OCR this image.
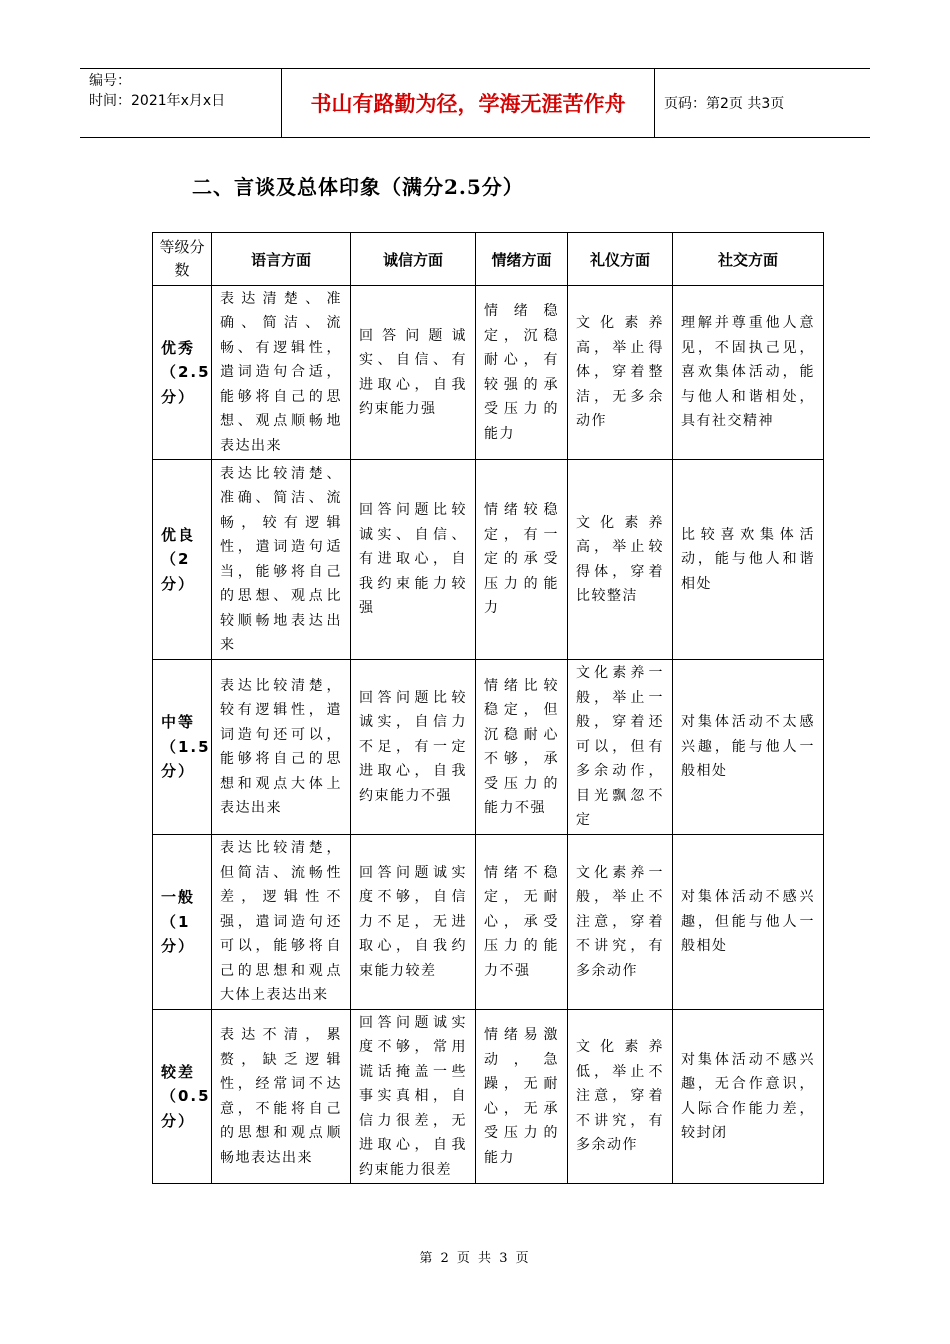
编号：
时间：2021年x月x日	书山有路勤为径，学海无涯苦作舟	页码：第2页 共3页
二、言谈及总体印象（满分2.5分）
等级分数	语言方面	诚信方面	情绪方面	礼仪方面	社交方面
优秀（2.5分）	表达清楚、准确、简洁、流畅、有逻辑性，遣词造句合适，能够将自己的思想、观点顺畅地表达出来	回答问题诚实、自信、有进取心，自我约束能力强	情绪稳定，沉稳耐心，有较强的承受压力的能力	文化素养高，举止得体，穿着整洁，无多余动作	理解并尊重他人意见，不固执己见，喜欢集体活动，能与他人和谐相处，具有社交精神
优良（2分）	表达比较清楚、准确、简洁、流畅，较有逻辑性，遣词造句适当，能够将自己的思想、观点比较顺畅地表达出来	回答问题比较诚实、自信、有进取心，自我约束能力较强	情绪较稳定，有一定的承受压力的能力	文化素养高，举止较得体，穿着比较整洁	比较喜欢集体活动，能与他人和谐相处
中等（1.5分）	表达比较清楚，较有逻辑性，遣词造句还可以，能够将自己的思想和观点大体上表达出来	回答问题比较诚实，自信力不足，有一定进取心，自我约束能力不强	情绪比较稳定，但沉稳耐心不够，承受压力的能力不强	文化素养一般，举止一般，穿着还可以，但有多余动作，目光飘忽不定	对集体活动不太感兴趣，能与他人一般相处
一般（1分）	表达比较清楚，但简洁、流畅性差，逻辑性不强，遣词造句还可以，能够将自己的思想和观点大体上表达出来	回答问题诚实度不够，自信力不足，无进取心，自我约束能力较差	情绪不稳定，无耐心，承受压力的能力不强	文化素养一般，举止不注意，穿着不讲究，有多余动作	对集体活动不感兴趣，但能与他人一般相处
较差（0.5分）	表达不清，累赘，缺乏逻辑性，经常词不达意，不能将自己的思想和观点顺畅地表达出来	回答问题诚实度不够，常用谎话掩盖一些事实真相，自信力很差，无进取心，自我约束能力很差	情绪易激动，急躁，无耐心，无承受压力的能力	文化素养低，举止不注意，穿着不讲究，有多余动作	对集体活动不感兴趣，无合作意识，人际合作能力差，较封闭
第 2 页 共 3 页
